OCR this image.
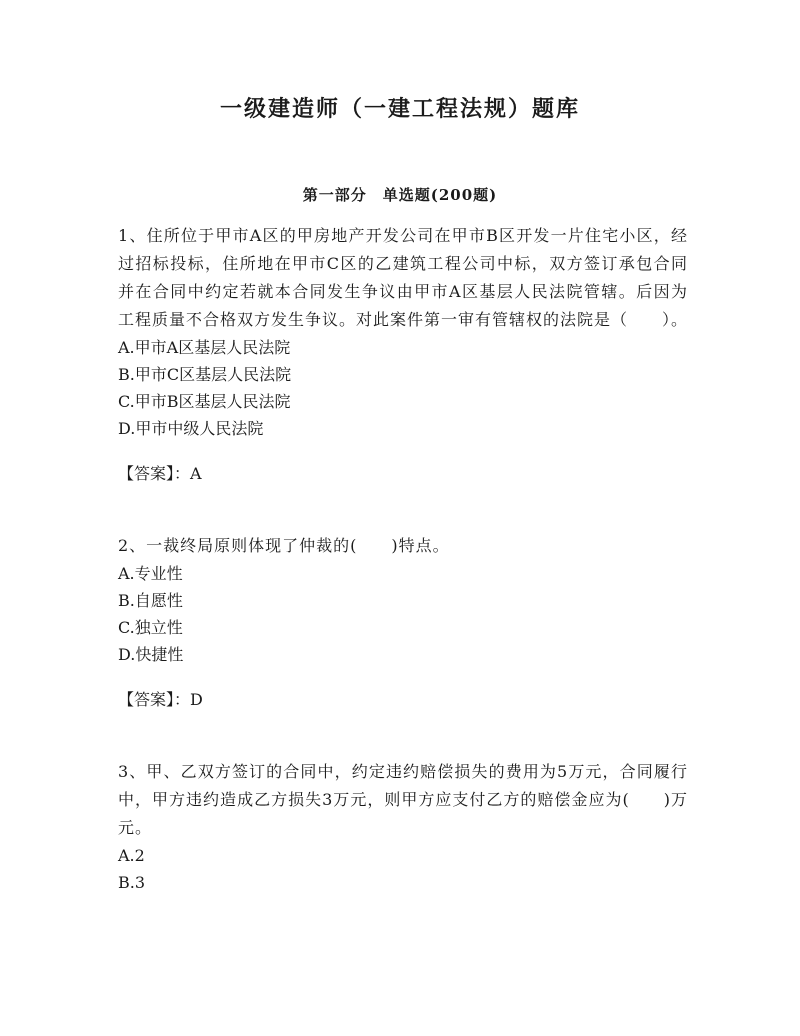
一级建造师（一建工程法规）题库
第一部分　单选题(200题)

1、住所位于甲市A区的甲房地产开发公司在甲市B区开发一片住宅小区，经过招标投标，住所地在甲市C区的乙建筑工程公司中标，双方签订承包合同并在合同中约定若就本合同发生争议由甲市A区基层人民法院管辖。后因为工程质量不合格双方发生争议。对此案件第一审有管辖权的法院是（　　）。

A.甲市A区基层人民法院
B.甲市C区基层人民法院
C.甲市B区基层人民法院
D.甲市中级人民法院

【答案】：A

2、一裁终局原则体现了仲裁的(　　)特点。

A.专业性
B.自愿性
C.独立性
D.快捷性

【答案】：D

3、甲、乙双方签订的合同中，约定违约赔偿损失的费用为5万元，合同履行中，甲方违约造成乙方损失3万元，则甲方应支付乙方的赔偿金应为(　　)万元。

A.2
B.3
